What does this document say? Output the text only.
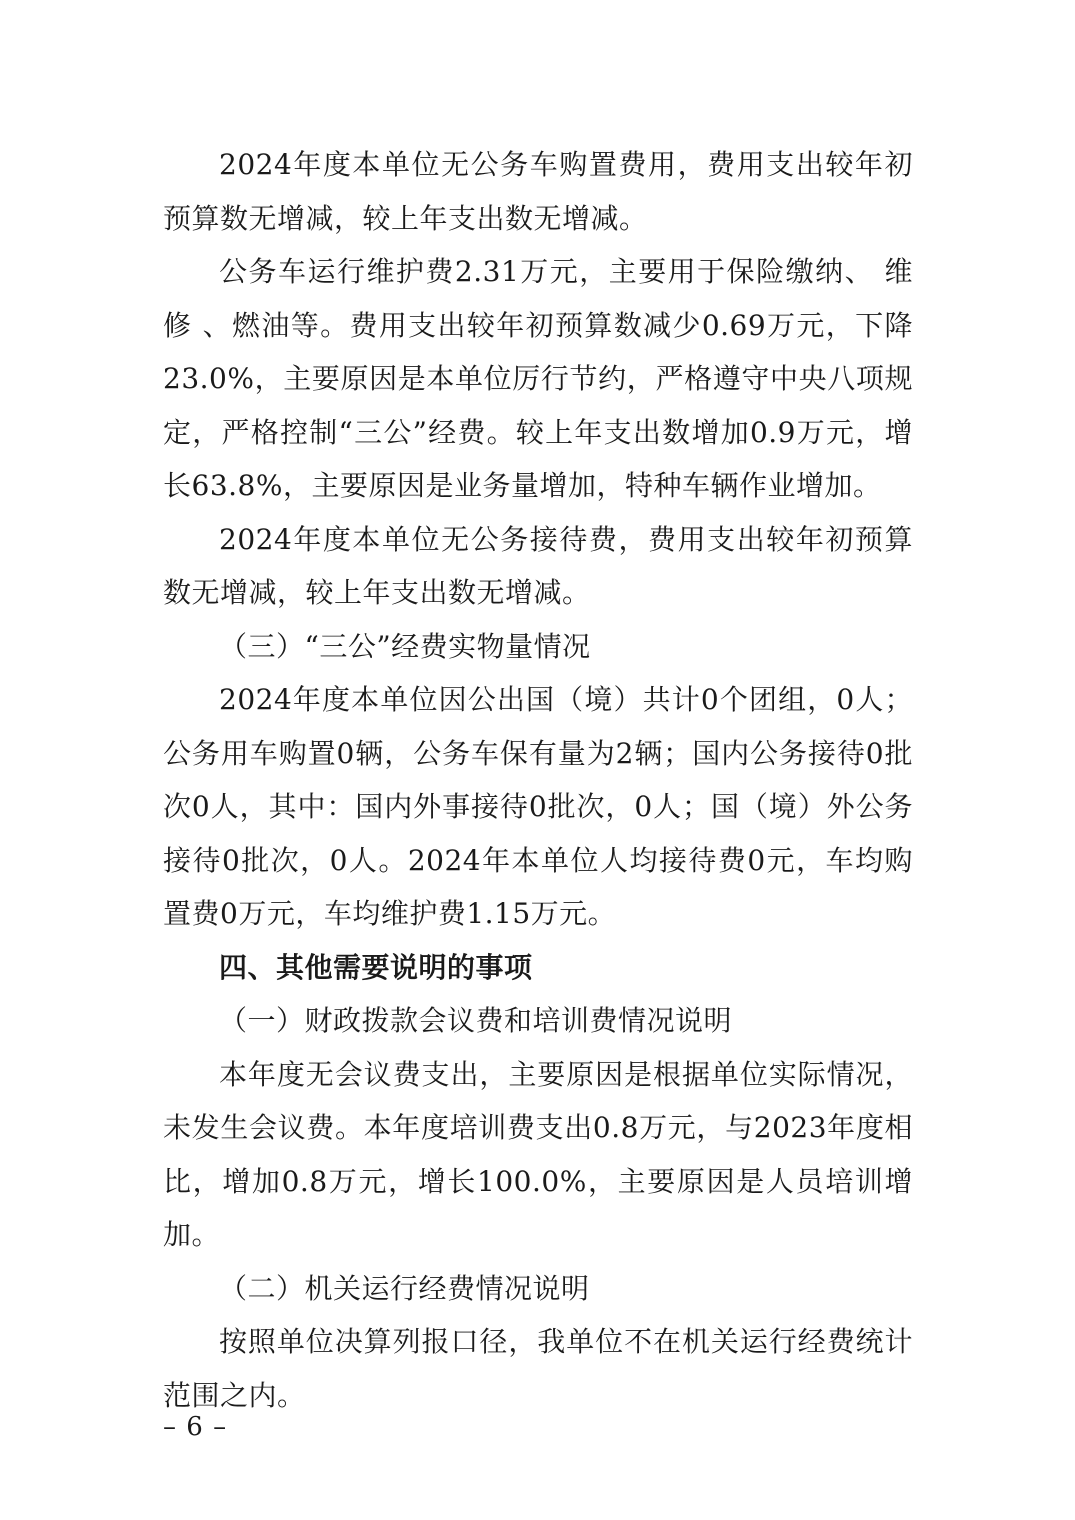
2024年度本单位无公务车购置费用，费用支出较年初预算数无增减，较上年支出数无增减。

公务车运行维护费2.31万元，主要用于保险缴纳、 维修 、燃油等。费用支出较年初预算数减少0.69万元，下降23.0%，主要原因是本单位厉行节约，严格遵守中央八项规定，严格控制“三公”经费。较上年支出数增加0.9万元，增长63.8%，主要原因是业务量增加，特种车辆作业增加。

2024年度本单位无公务接待费，费用支出较年初预算数无增减，较上年支出数无增减。

（三）“三公”经费实物量情况

2024年度本单位因公出国（境）共计0个团组，0人；公务用车购置0辆，公务车保有量为2辆；国内公务接待0批次0人，其中：国内外事接待0批次，0人；国（境）外公务接待0批次，0人。2024年本单位人均接待费0元，车均购置费0万元，车均维护费1.15万元。

四、其他需要说明的事项

（一）财政拨款会议费和培训费情况说明

本年度无会议费支出，主要原因是根据单位实际情况，未发生会议费。本年度培训费支出0.8万元，与2023年度相比，增加0.8万元，增长100.0%，主要原因是人员培训增加。

（二）机关运行经费情况说明

按照单位决算列报口径，我单位不在机关运行经费统计范围之内。

– 6 –
